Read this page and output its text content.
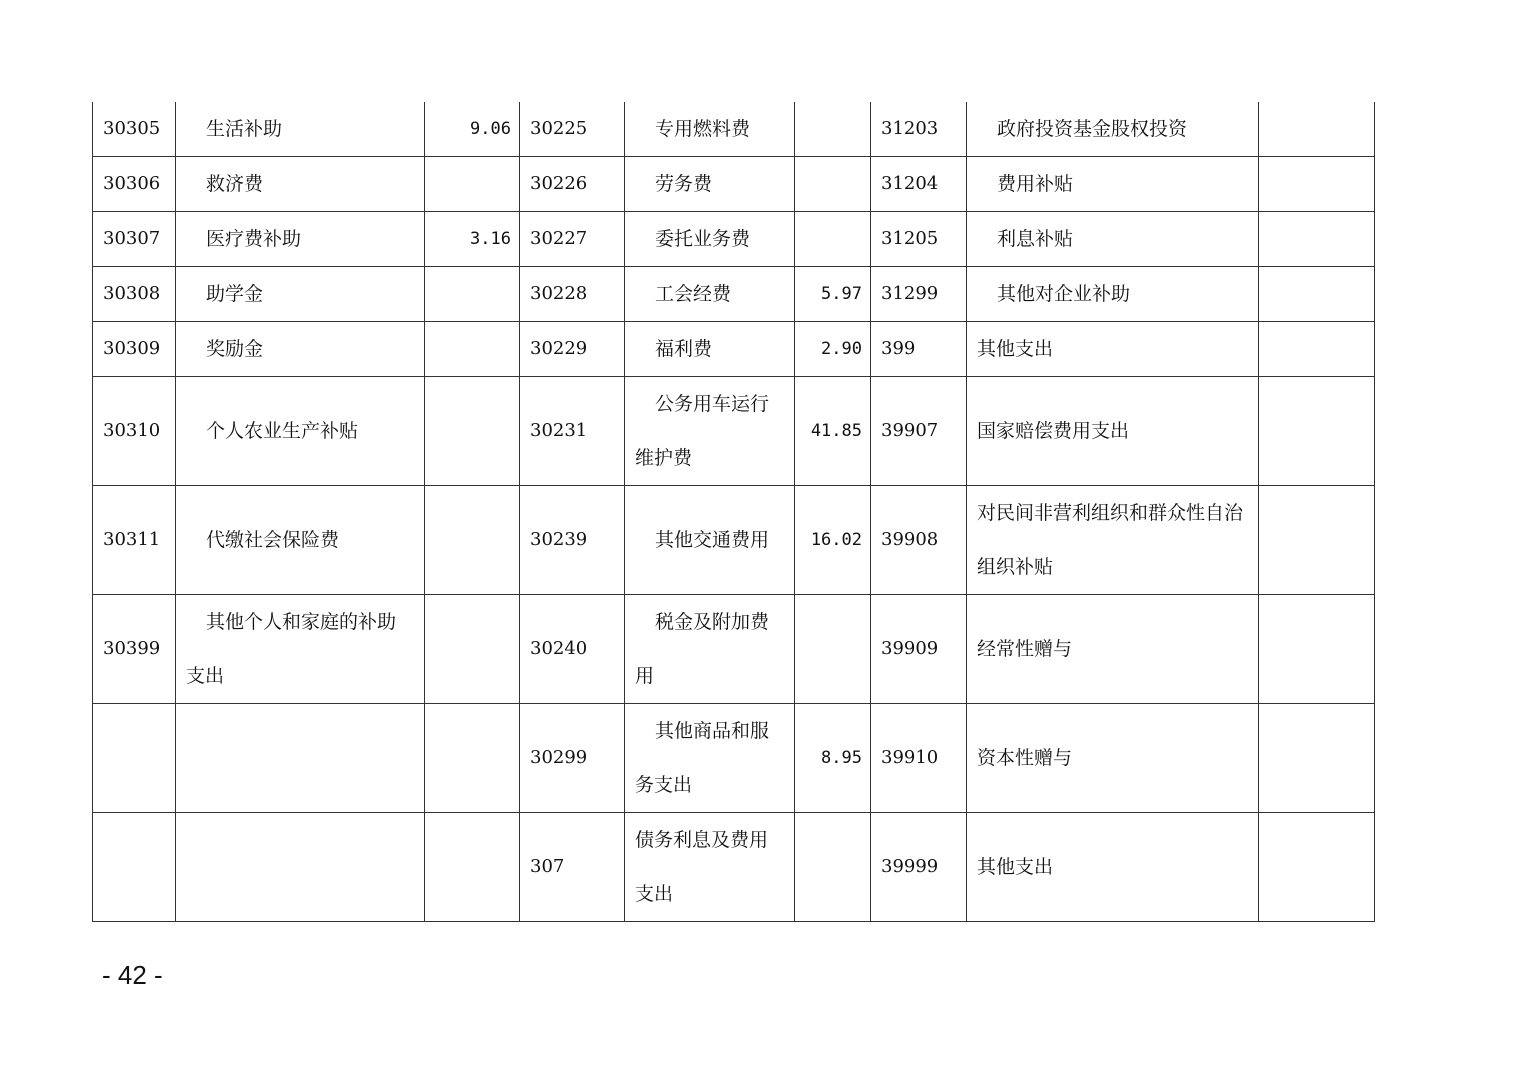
30305	生活补助	9.06	30225	专用燃料费		31203	政府投资基金股权投资	

30306	救济费		30226	劳务费		31204	费用补贴	

30307	医疗费补助	3.16	30227	委托业务费		31205	利息补贴	

30308	助学金		30228	工会经费	5.97	31299	其他对企业补助	

30309	奖励金		30229	福利费	2.90	399	其他支出	

30310	个人农业生产补贴		30231	公务用车运行维护费	41.85	39907	国家赔偿费用支出	

30311	代缴社会保险费		30239	其他交通费用	16.02	39908	对民间非营利组织和群众性自治组织补贴	

30399	其他个人和家庭的补助支出		30240	税金及附加费用		39909	经常性赠与	

		30299	其他商品和服务支出	8.95	39910	资本性赠与	

		307	债务利息及费用支出		39999	其他支出	

- 42 -
